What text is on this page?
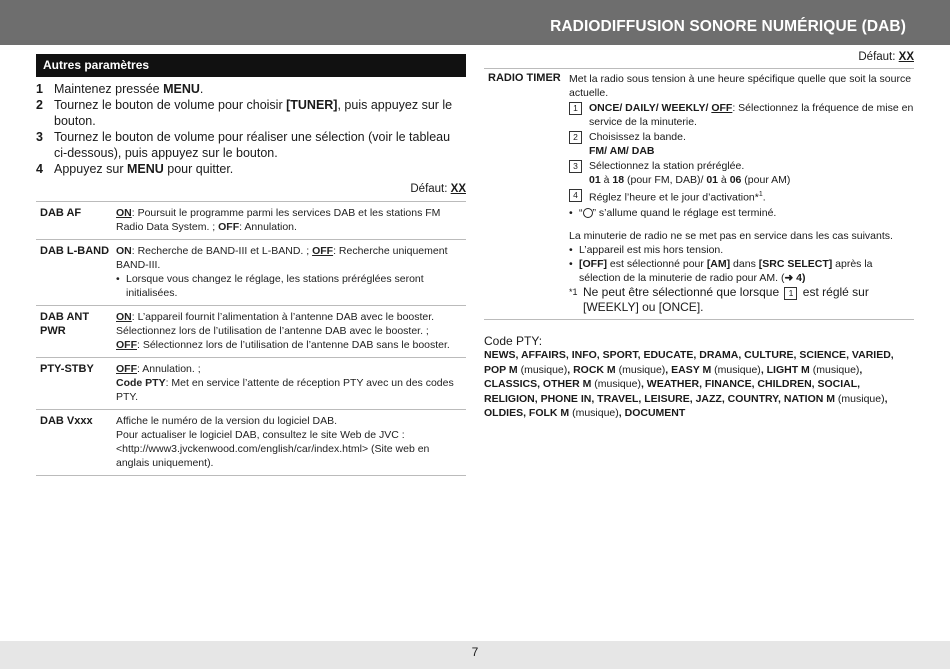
RADIODIFFUSION SONORE NUMÉRIQUE (DAB)
Autres paramètres
1 Maintenez pressée MENU.
2 Tournez le bouton de volume pour choisir [TUNER], puis appuyez sur le bouton.
3 Tournez le bouton de volume pour réaliser une sélection (voir le tableau ci-dessous), puis appuyez sur le bouton.
4 Appuyez sur MENU pour quitter.
Défaut: XX
DAB AF	ON: Poursuit le programme parmi les services DAB et les stations FM Radio Data System. ; OFF: Annulation.
DAB L-BAND	ON: Recherche de BAND-III et L-BAND. ; OFF: Recherche uniquement BAND-III.
• Lorsque vous changez le réglage, les stations préréglées seront initialisées.

DAB ANT PWR	ON: L’appareil fournit l’alimentation à l’antenne DAB avec le booster. Sélectionnez lors de l’utilisation de l’antenne DAB avec le booster. ;
OFF: Sélectionnez lors de l’utilisation de l’antenne DAB sans le booster.
PTY-STBY	OFF: Annulation. ;
Code PTY: Met en service l’attente de réception PTY avec un des codes PTY.
DAB Vxxx	Affiche le numéro de la version du logiciel DAB.
Pour actualiser le logiciel DAB, consultez le site Web de JVC : <http://www3.jvckenwood.com/english/car/index.html> (Site web en anglais uniquement).
Défaut: XX
RADIO TIMER Met la radio sous tension à une heure spécifique quelle que soit la source actuelle.
1	ONCE/ DAILY/ WEEKLY/ OFF: Sélectionnez la fréquence de mise en service de la minuterie.
2	Choisissez la bande.
FM/ AM/ DAB
3	Sélectionnez la station préréglée.
01 à 18 (pour FM, DAB)/ 01 à 06 (pour AM)
4	Réglez l’heure et le jour d’activation*$^1$.
• “ ” s’allume quand le réglage est terminé.
La minuterie de radio ne se met pas en service dans les cas suivants.
• L’appareil est mis hors tension.
• [OFF] est sélectionné pour [AM] dans [SRC SELECT] après la sélection de la minuterie de radio pour AM. (➜ 4)
*1 Ne peut être sélectionné que lorsque 1 est réglé sur [WEEKLY] ou [ONCE].
Code PTY:
NEWS, AFFAIRS, INFO, SPORT, EDUCATE, DRAMA, CULTURE, SCIENCE, VARIED, POP M (musique), ROCK M (musique), EASY M (musique), LIGHT M (musique), CLASSICS, OTHER M (musique), WEATHER, FINANCE, CHILDREN, SOCIAL, RELIGION, PHONE IN, TRAVEL, LEISURE, JAZZ, COUNTRY, NATION M (musique), OLDIES, FOLK M (musique), DOCUMENT
7
